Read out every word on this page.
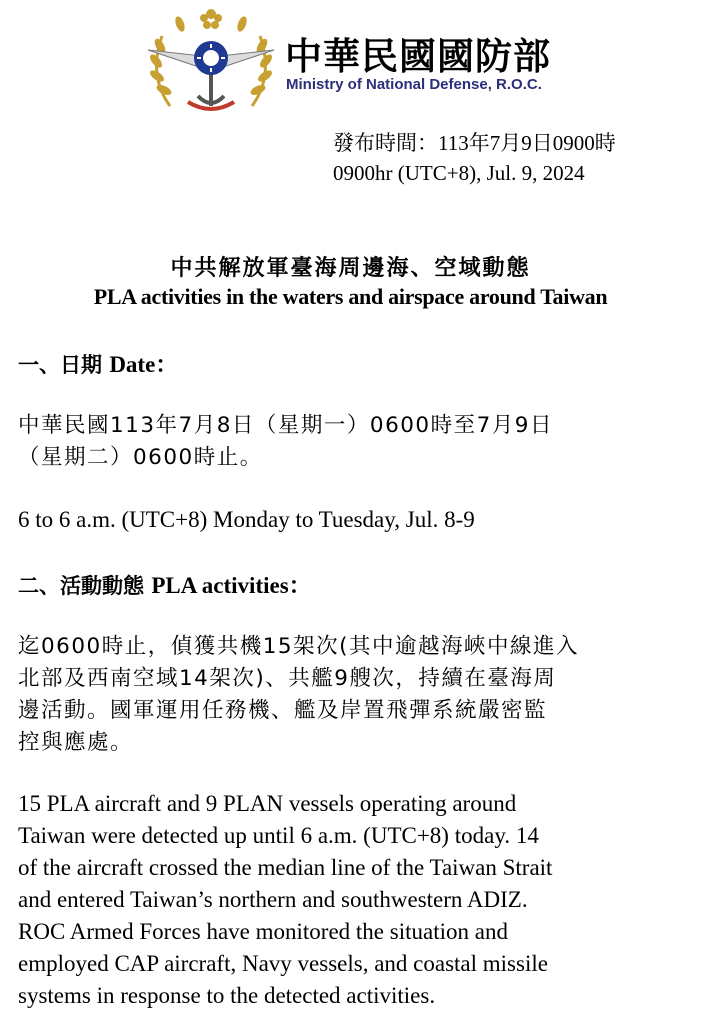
中華民國國防部
Ministry of National Defense, R.O.C.
發布時間：113年7月9日0900時
0900hr (UTC+8), Jul. 9, 2024
中共解放軍臺海周邊海、空域動態
PLA activities in the waters and airspace around Taiwan
一、日期 Date：
中華民國113年7月8日（星期一）0600時至7月9日
（星期二）0600時止。
6 to 6 a.m. (UTC+8) Monday to Tuesday, Jul. 8-9
二、活動動態 PLA activities：
迄0600時止，偵獲共機15架次(其中逾越海峽中線進入
北部及西南空域14架次)、共艦9艘次，持續在臺海周
邊活動。國軍運用任務機、艦及岸置飛彈系統嚴密監
控與應處。
15 PLA aircraft and 9 PLAN vessels operating around
Taiwan were detected up until 6 a.m. (UTC+8) today. 14
of the aircraft crossed the median line of the Taiwan Strait
and entered Taiwan’s northern and southwestern ADIZ.
ROC Armed Forces have monitored the situation and
employed CAP aircraft, Navy vessels, and coastal missile
systems in response to the detected activities.
